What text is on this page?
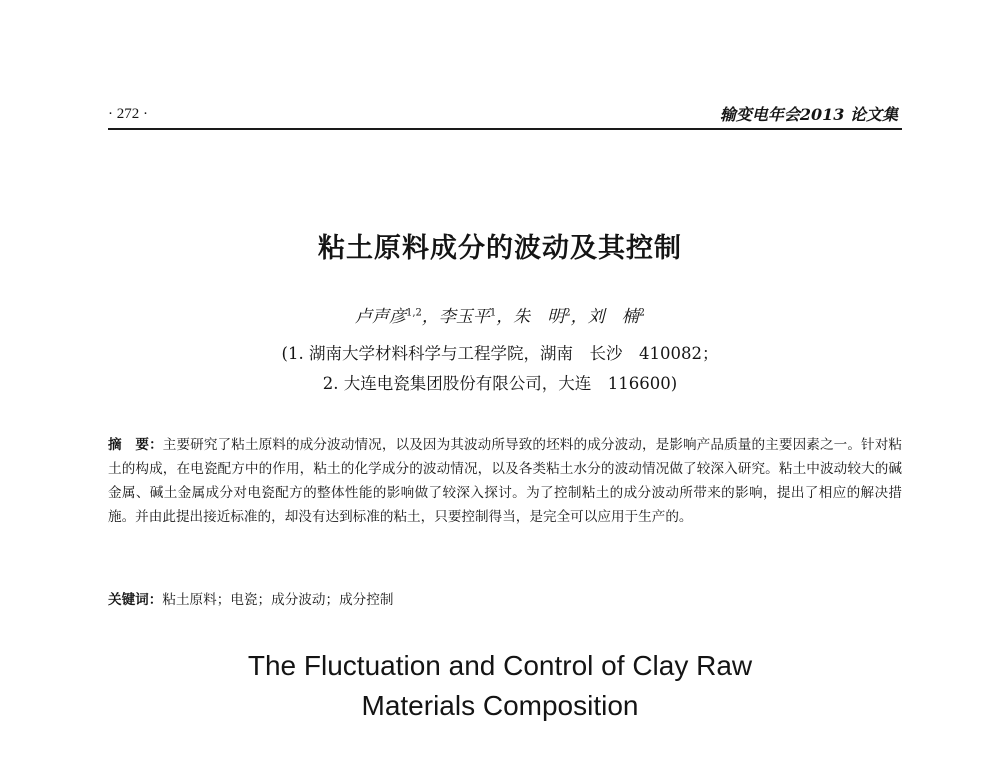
· 272 ·	输变电年会2013 论文集
粘土原料成分的波动及其控制
卢声彦$^{1,2}$，李玉平$^1$，朱　明$^2$，刘　楠$^2$
(1. 湖南大学材料科学与工程学院，湖南　长沙　410082；
2. 大连电瓷集团股份有限公司，大连　116600)
摘　要：主要研究了粘土原料的成分波动情况，以及因为其波动所导致的坯料的成分波动，是影响产品质量的主要因素之一。针对粘土的构成，在电瓷配方中的作用，粘土的化学成分的波动情况，以及各类粘土水分的波动情况做了较深入研究。粘土中波动较大的碱金属、碱土金属成分对电瓷配方的整体性能的影响做了较深入探讨。为了控制粘土的成分波动所带来的影响，提出了相应的解决措施。并由此提出接近标准的，却没有达到标准的粘土，只要控制得当，是完全可以应用于生产的。
关键词：粘土原料；电瓷；成分波动；成分控制
The Fluctuation and Control of Clay Raw
Materials Composition
